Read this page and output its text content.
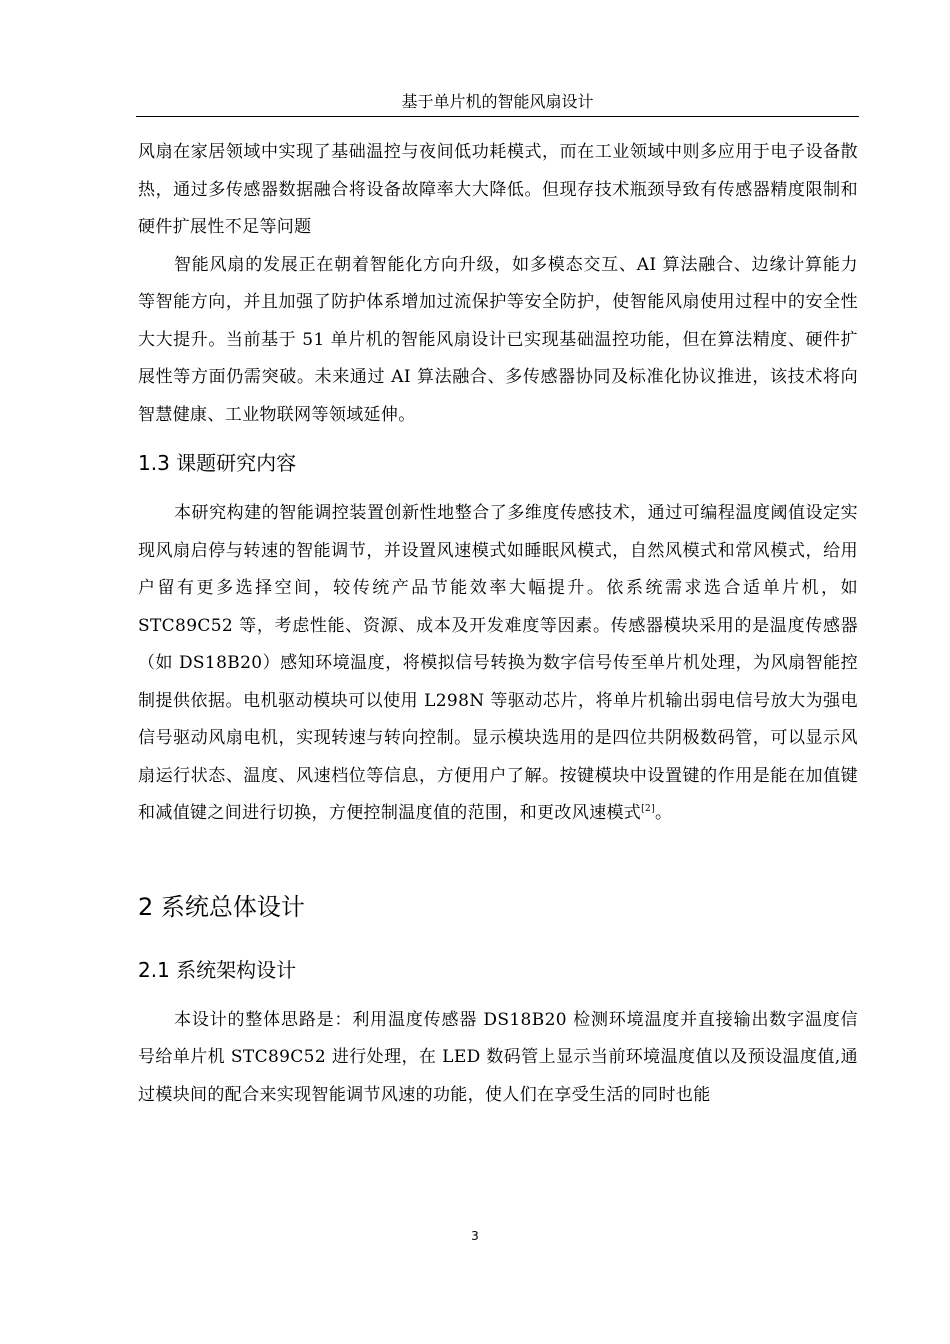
基于单片机的智能风扇设计

风扇在家居领域中实现了基础温控与夜间低功耗模式，而在工业领域中则多应用于电子设备散热，通过多传感器数据融合将设备故障率大大降低。但现存技术瓶颈导致有传感器精度限制和硬件扩展性不足等问题

智能风扇的发展正在朝着智能化方向升级，如多模态交互、AI 算法融合、边缘计算能力等智能方向，并且加强了防护体系增加过流保护等安全防护，使智能风扇使用过程中的安全性大大提升。当前基于 51 单片机的智能风扇设计已实现基础温控功能，但在算法精度、硬件扩展性等方面仍需突破。未来通过 AI 算法融合、多传感器协同及标准化协议推进，该技术将向智慧健康、工业物联网等领域延伸。

1.3 课题研究内容

本研究构建的智能调控装置创新性地整合了多维度传感技术，通过可编程温度阈值设定实现风扇启停与转速的智能调节，并设置风速模式如睡眠风模式，自然风模式和常风模式，给用户留有更多选择空间，较传统产品节能效率大幅提升。依系统需求选合适单片机，如 STC89C52 等，考虑性能、资源、成本及开发难度等因素。传感器模块采用的是温度传感器（如 DS18B20）感知环境温度，将模拟信号转换为数字信号传至单片机处理，为风扇智能控制提供依据。电机驱动模块可以使用 L298N 等驱动芯片，将单片机输出弱电信号放大为强电信号驱动风扇电机，实现转速与转向控制。显示模块选用的是四位共阴极数码管，可以显示风扇运行状态、温度、风速档位等信息，方便用户了解。按键模块中设置键的作用是能在加值键和减值键之间进行切换，方便控制温度值的范围，和更改风速模式[2]。

2 系统总体设计
2.1 系统架构设计

本设计的整体思路是：利用温度传感器 DS18B20 检测环境温度并直接输出数字温度信号给单片机 STC89C52 进行处理，在 LED 数码管上显示当前环境温度值以及预设温度值,通过模块间的配合来实现智能调节风速的功能，使人们在享受生活的同时也能

3
